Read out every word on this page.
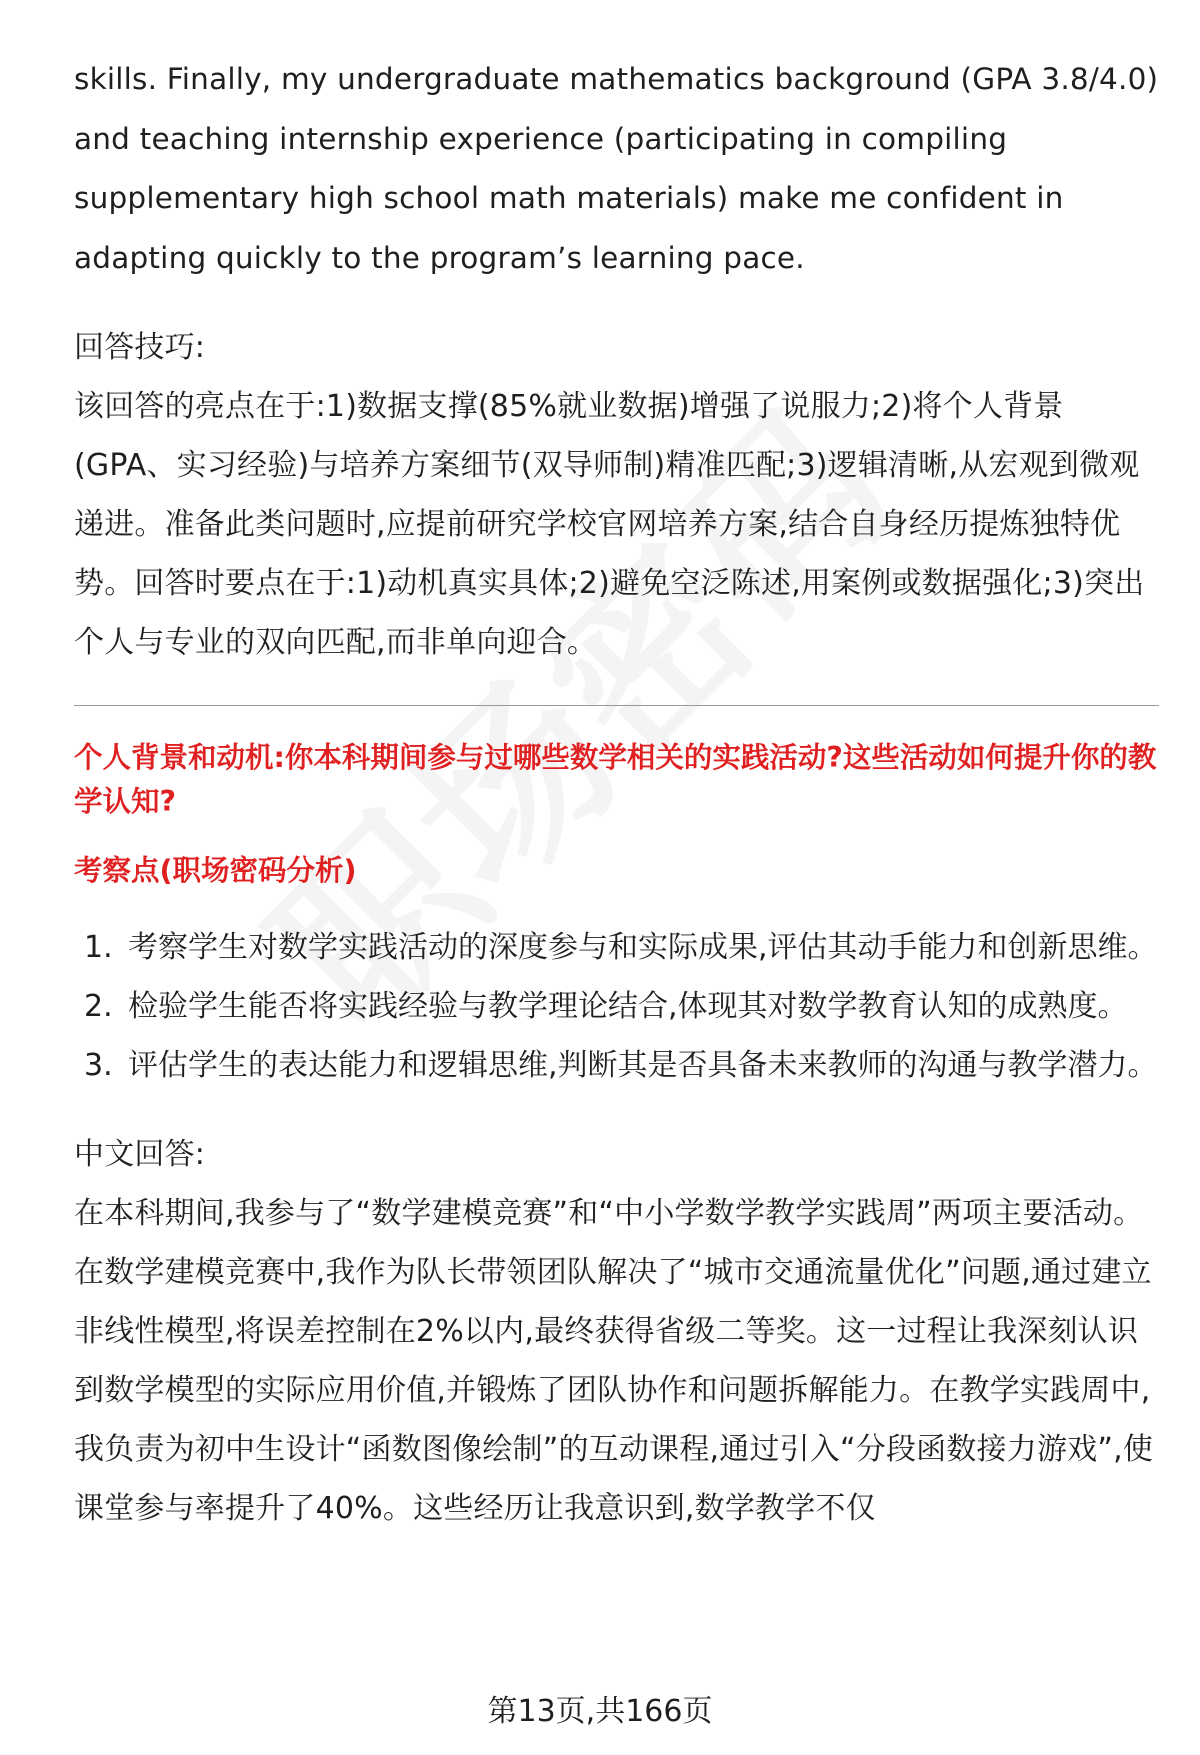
skills. Finally, my undergraduate mathematics background (GPA 3.8/4.0) and teaching internship experience (participating in compiling supplementary high school math materials) make me confident in adapting quickly to the program’s learning pace.

回答技巧:

该回答的亮点在于:1)数据支撑(85%就业数据)增强了说服力;2)将个人背景(GPA、实习经验)与培养方案细节(双导师制)精准匹配;3)逻辑清晰,从宏观到微观递进。准备此类问题时,应提前研究学校官网培养方案,结合自身经历提炼独特优势。回答时要点在于:1)动机真实具体;2)避免空泛陈述,用案例或数据强化;3)突出个人与专业的双向匹配,而非单向迎合。

个人背景和动机:你本科期间参与过哪些数学相关的实践活动?这些活动如何提升你的教学认知?

考察点(职场密码分析)

1. 考察学生对数学实践活动的深度参与和实际成果,评估其动手能力和创新思维。
2. 检验学生能否将实践经验与教学理论结合,体现其对数学教育认知的成熟度。
3. 评估学生的表达能力和逻辑思维,判断其是否具备未来教师的沟通与教学潜力。

中文回答:

在本科期间,我参与了“数学建模竞赛”和“中小学数学教学实践周”两项主要活动。在数学建模竞赛中,我作为队长带领团队解决了“城市交通流量优化”问题,通过建立非线性模型,将误差控制在2%以内,最终获得省级二等奖。这一过程让我深刻认识到数学模型的实际应用价值,并锻炼了团队协作和问题拆解能力。在教学实践周中,我负责为初中生设计“函数图像绘制”的互动课程,通过引入“分段函数接力游戏”,使课堂参与率提升了40%。这些经历让我意识到,数学教学不仅

第13页,共166页
